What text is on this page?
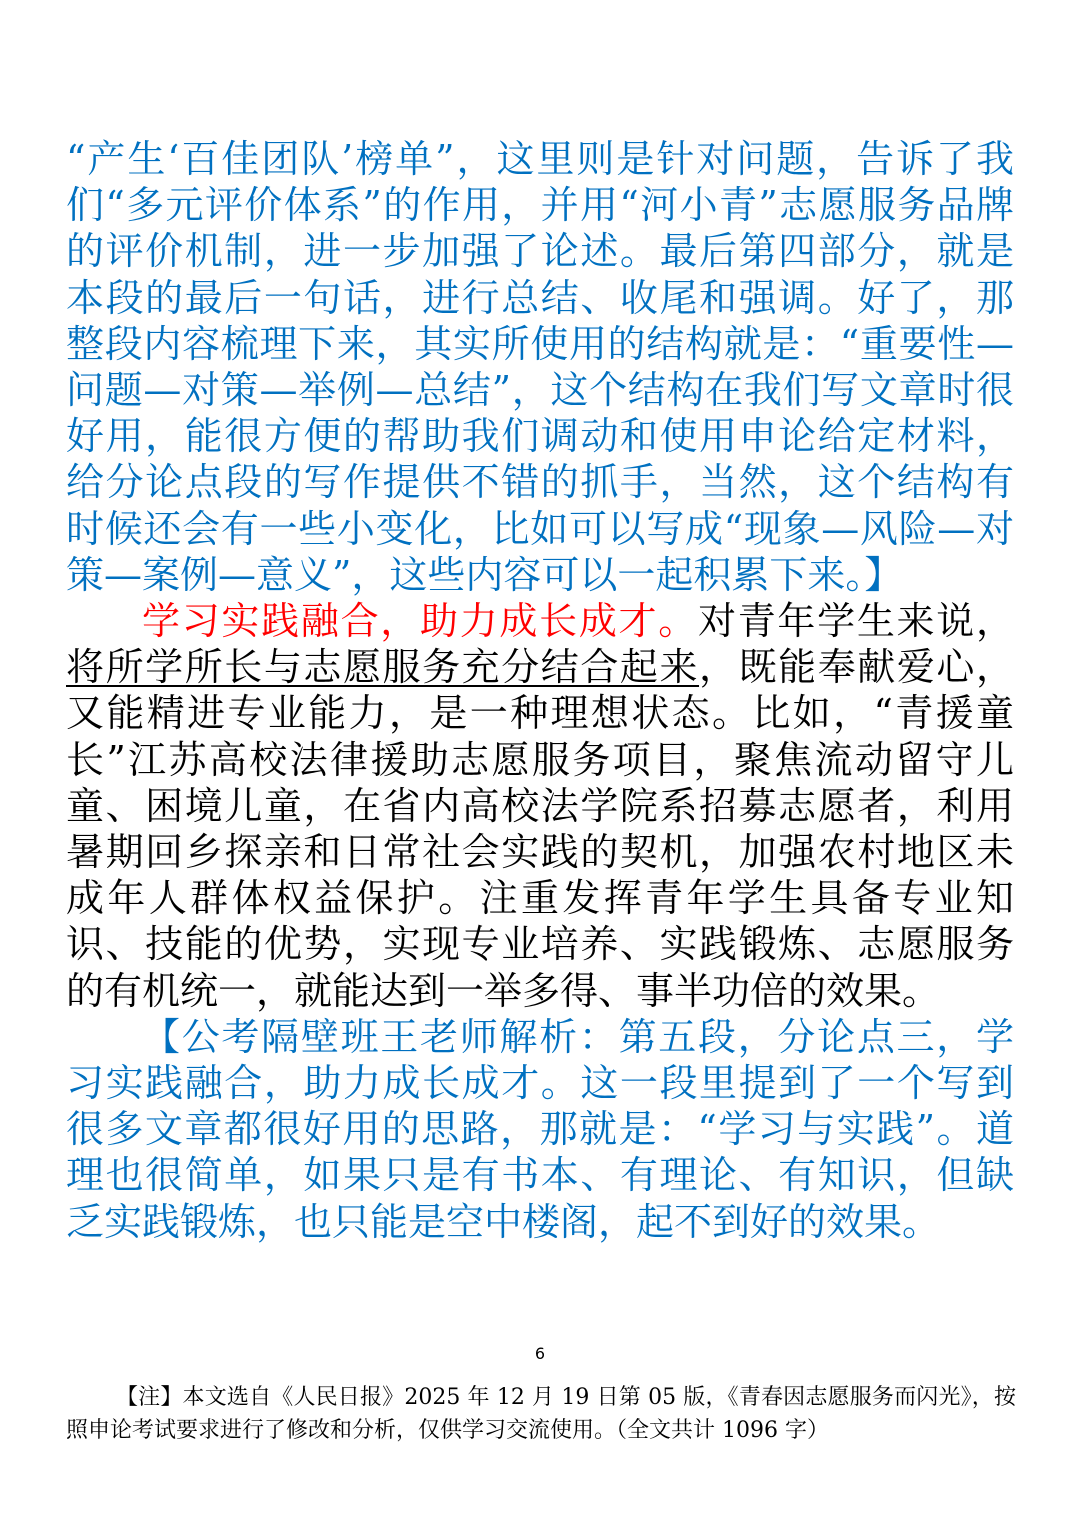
“产生‘百佳团队’榜单”，这里则是针对问题，告诉了我们“多元评价体系”的作用，并用“河小青”志愿服务品牌的评价机制，进一步加强了论述。最后第四部分，就是本段的最后一句话，进行总结、收尾和强调。好了，那整段内容梳理下来，其实所使用的结构就是：“重要性—问题—对策—举例—总结”，这个结构在我们写文章时很好用，能很方便的帮助我们调动和使用申论给定材料，给分论点段的写作提供不错的抓手，当然，这个结构有时候还会有一些小变化，比如可以写成“现象—风险—对策—案例—意义”，这些内容可以一起积累下来。】

学习实践融合，助力成长成才。对青年学生来说，将所学所长与志愿服务充分结合起来，既能奉献爱心，又能精进专业能力，是一种理想状态。比如，“青援童长”江苏高校法律援助志愿服务项目，聚焦流动留守儿童、困境儿童，在省内高校法学院系招募志愿者，利用暑期回乡探亲和日常社会实践的契机，加强农村地区未成年人群体权益保护。注重发挥青年学生具备专业知识、技能的优势，实现专业培养、实践锻炼、志愿服务的有机统一，就能达到一举多得、事半功倍的效果。

【公考隔壁班王老师解析：第五段，分论点三，学习实践融合，助力成长成才。这一段里提到了一个写到很多文章都很好用的思路，那就是：“学习与实践”。道理也很简单，如果只是有书本、有理论、有知识，但缺乏实践锻炼，也只能是空中楼阁，起不到好的效果。

6

【注】本文选自《人民日报》2025 年 12 月 19 日第 05 版，《青春因志愿服务而闪光》，按照申论考试要求进行了修改和分析，仅供学习交流使用。（全文共计 1096 字）
